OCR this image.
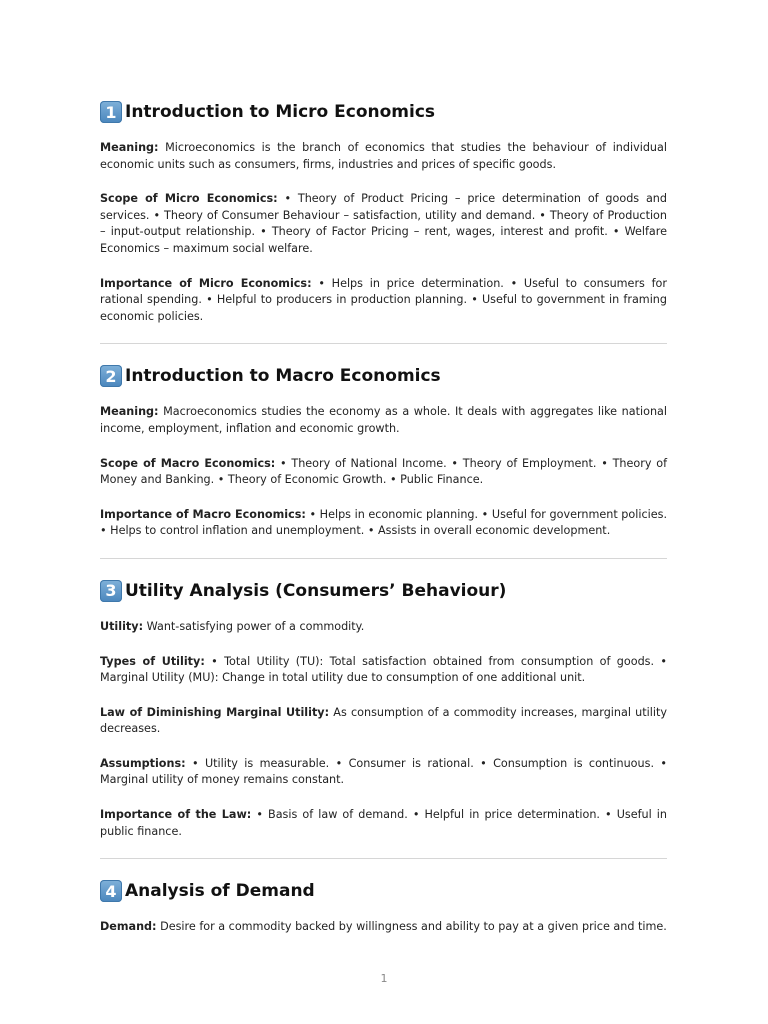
1 Introduction to Micro Economics

Meaning: Microeconomics is the branch of economics that studies the behaviour of individual economic units such as consumers, firms, industries and prices of specific goods.

Scope of Micro Economics: • Theory of Product Pricing – price determination of goods and services. • Theory of Consumer Behaviour – satisfaction, utility and demand. • Theory of Production – input-output relationship. • Theory of Factor Pricing – rent, wages, interest and profit. • Welfare Economics – maximum social welfare.

Importance of Micro Economics: • Helps in price determination. • Useful to consumers for rational spending. • Helpful to producers in production planning. • Useful to government in framing economic policies.

2 Introduction to Macro Economics

Meaning: Macroeconomics studies the economy as a whole. It deals with aggregates like national income, employment, inflation and economic growth.

Scope of Macro Economics: • Theory of National Income. • Theory of Employment. • Theory of Money and Banking. • Theory of Economic Growth. • Public Finance.

Importance of Macro Economics: • Helps in economic planning. • Useful for government policies. • Helps to control inflation and unemployment. • Assists in overall economic development.

3 Utility Analysis (Consumers’ Behaviour)

Utility: Want-satisfying power of a commodity.

Types of Utility: • Total Utility (TU): Total satisfaction obtained from consumption of goods. • Marginal Utility (MU): Change in total utility due to consumption of one additional unit.

Law of Diminishing Marginal Utility: As consumption of a commodity increases, marginal utility decreases.

Assumptions: • Utility is measurable. • Consumer is rational. • Consumption is continuous. • Marginal utility of money remains constant.

Importance of the Law: • Basis of law of demand. • Helpful in price determination. • Useful in public finance.

4 Analysis of Demand

Demand: Desire for a commodity backed by willingness and ability to pay at a given price and time.

1
